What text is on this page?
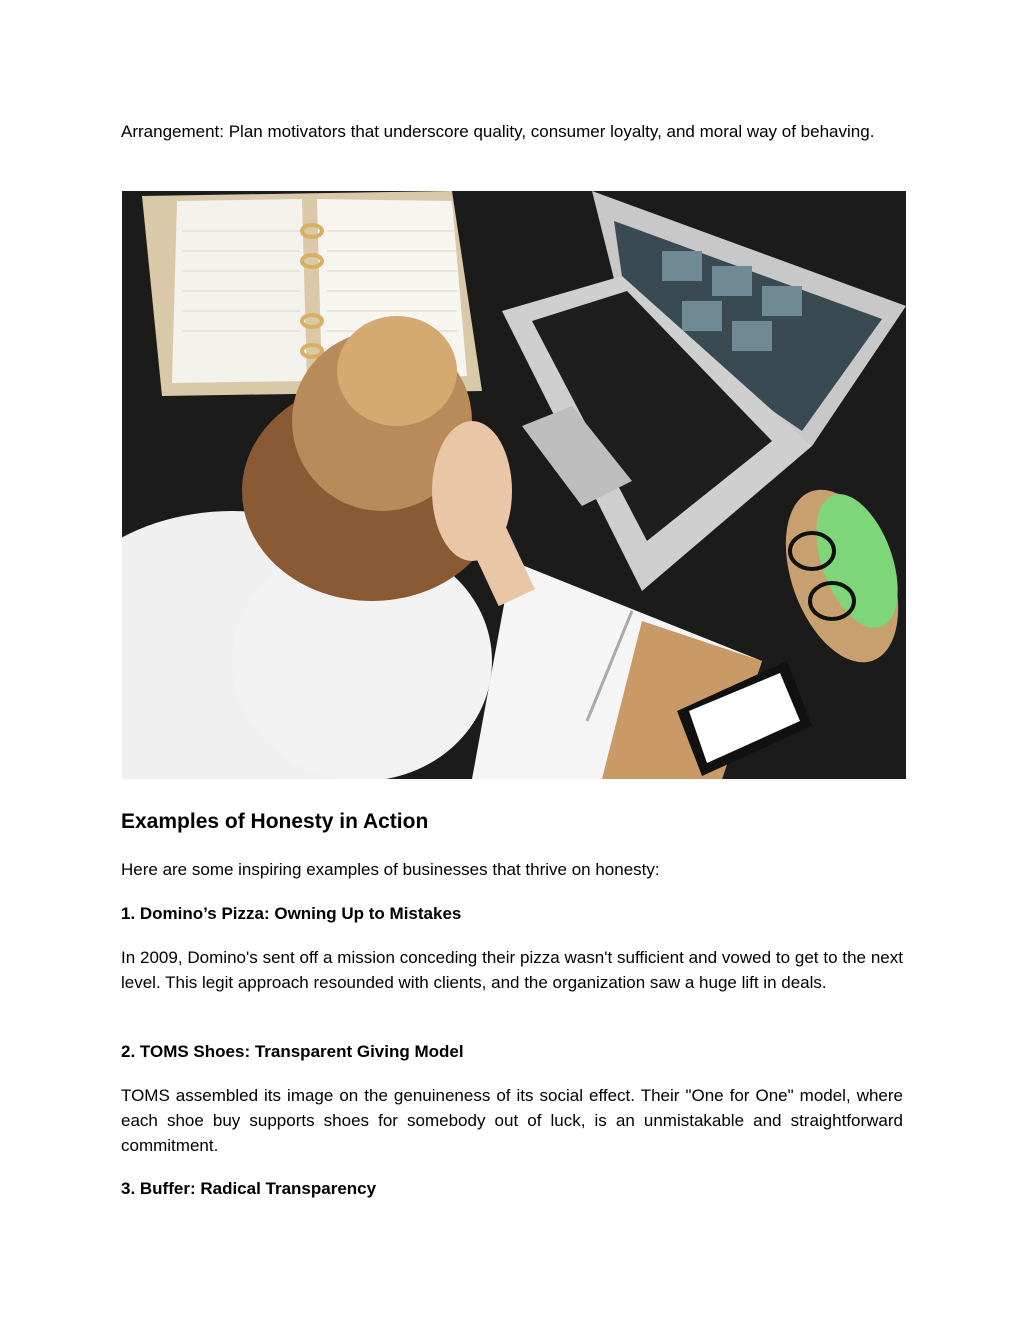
Arrangement: Plan motivators that underscore quality, consumer loyalty, and moral way of behaving.

Examples of Honesty in Action

Here are some inspiring examples of businesses that thrive on honesty:

1. Domino’s Pizza: Owning Up to Mistakes

In 2009, Domino's sent off a mission conceding their pizza wasn't sufficient and vowed to get to the next level. This legit approach resounded with clients, and the organization saw a huge lift in deals.

2. TOMS Shoes: Transparent Giving Model

TOMS assembled its image on the genuineness of its social effect. Their "One for One" model, where each shoe buy supports shoes for somebody out of luck, is an unmistakable and straightforward commitment.

3. Buffer: Radical Transparency
